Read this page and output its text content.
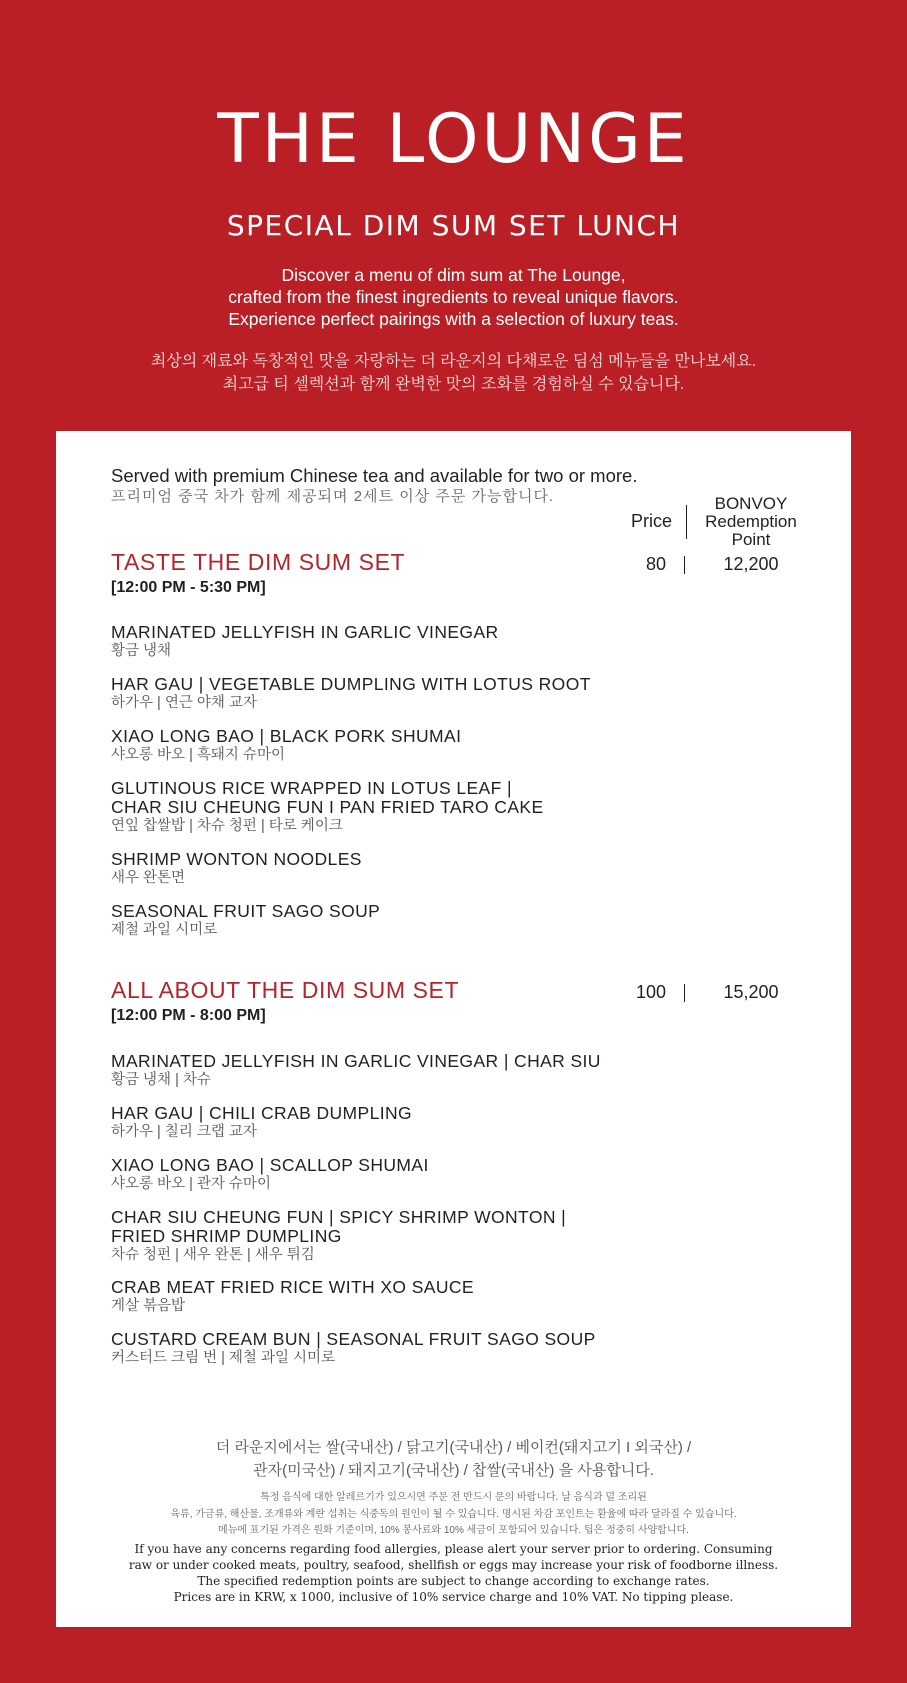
THE LOUNGE
SPECIAL DIM SUM SET LUNCH
Discover a menu of dim sum at The Lounge,
crafted from the finest ingredients to reveal unique flavors.
Experience perfect pairings with a selection of luxury teas.
최상의 재료와 독창적인 맛을 자랑하는 더 라운지의 다채로운 딤섬 메뉴들을 만나보세요.
최고급 티 셀렉션과 함께 완벽한 맛의 조화를 경험하실 수 있습니다.
Served with premium Chinese tea and available for two or more.
프리미엄 중국 차가 함께 제공되며 2세트 이상 주문 가능합니다.
Price
BONVOY
Redemption
Point
TASTE THE DIM SUM SET
[12:00 PM - 5:30 PM]
80	12,200
MARINATED JELLYFISH IN GARLIC VINEGAR
황금 냉채
HAR GAU | VEGETABLE DUMPLING WITH LOTUS ROOT
하가우 | 연근 야채 교자
XIAO LONG BAO | BLACK PORK SHUMAI
샤오롱 바오 | 흑돼지 슈마이
GLUTINOUS RICE WRAPPED IN LOTUS LEAF |
CHAR SIU CHEUNG FUN I PAN FRIED TARO CAKE
연잎 찹쌀밥 | 차슈 청펀 | 타로 케이크
SHRIMP WONTON NOODLES
새우 완톤면
SEASONAL FRUIT SAGO SOUP
제철 과일 시미로
ALL ABOUT THE DIM SUM SET
[12:00 PM - 8:00 PM]
100	15,200
MARINATED JELLYFISH IN GARLIC VINEGAR | CHAR SIU
황금 냉채 | 차슈
HAR GAU | CHILI CRAB DUMPLING
하가우 | 칠리 크랩 교자
XIAO LONG BAO | SCALLOP SHUMAI
샤오롱 바오 | 관자 슈마이
CHAR SIU CHEUNG FUN | SPICY SHRIMP WONTON |
FRIED SHRIMP DUMPLING
차슈 청펀 | 새우 완톤 | 새우 튀김
CRAB MEAT FRIED RICE WITH XO SAUCE
게살 볶음밥
CUSTARD CREAM BUN | SEASONAL FRUIT SAGO SOUP
커스터드 크림 번 | 제철 과일 시미로
더 라운지에서는 쌀(국내산) / 닭고기(국내산) / 베이컨(돼지고기 I 외국산) /
관자(미국산) / 돼지고기(국내산) / 찹쌀(국내산) 을 사용합니다.
특정 음식에 대한 알레르기가 있으시면 주문 전 반드시 문의 바랍니다. 날 음식과 덜 조리된
육류, 가금류, 해산물, 조개류와 계란 섭취는 식중독의 원인이 될 수 있습니다. 명시된 차감 포인트는 환율에 따라 달라질 수 있습니다.
메뉴에 표기된 가격은 원화 기준이며, 10% 봉사료와 10% 세금이 포함되어 있습니다. 팁은 정중히 사양합니다.
If you have any concerns regarding food allergies, please alert your server prior to ordering. Consuming
raw or under cooked meats, poultry, seafood, shellfish or eggs may increase your risk of foodborne illness.
The specified redemption points are subject to change according to exchange rates.
Prices are in KRW, x 1000, inclusive of 10% service charge and 10% VAT. No tipping please.
